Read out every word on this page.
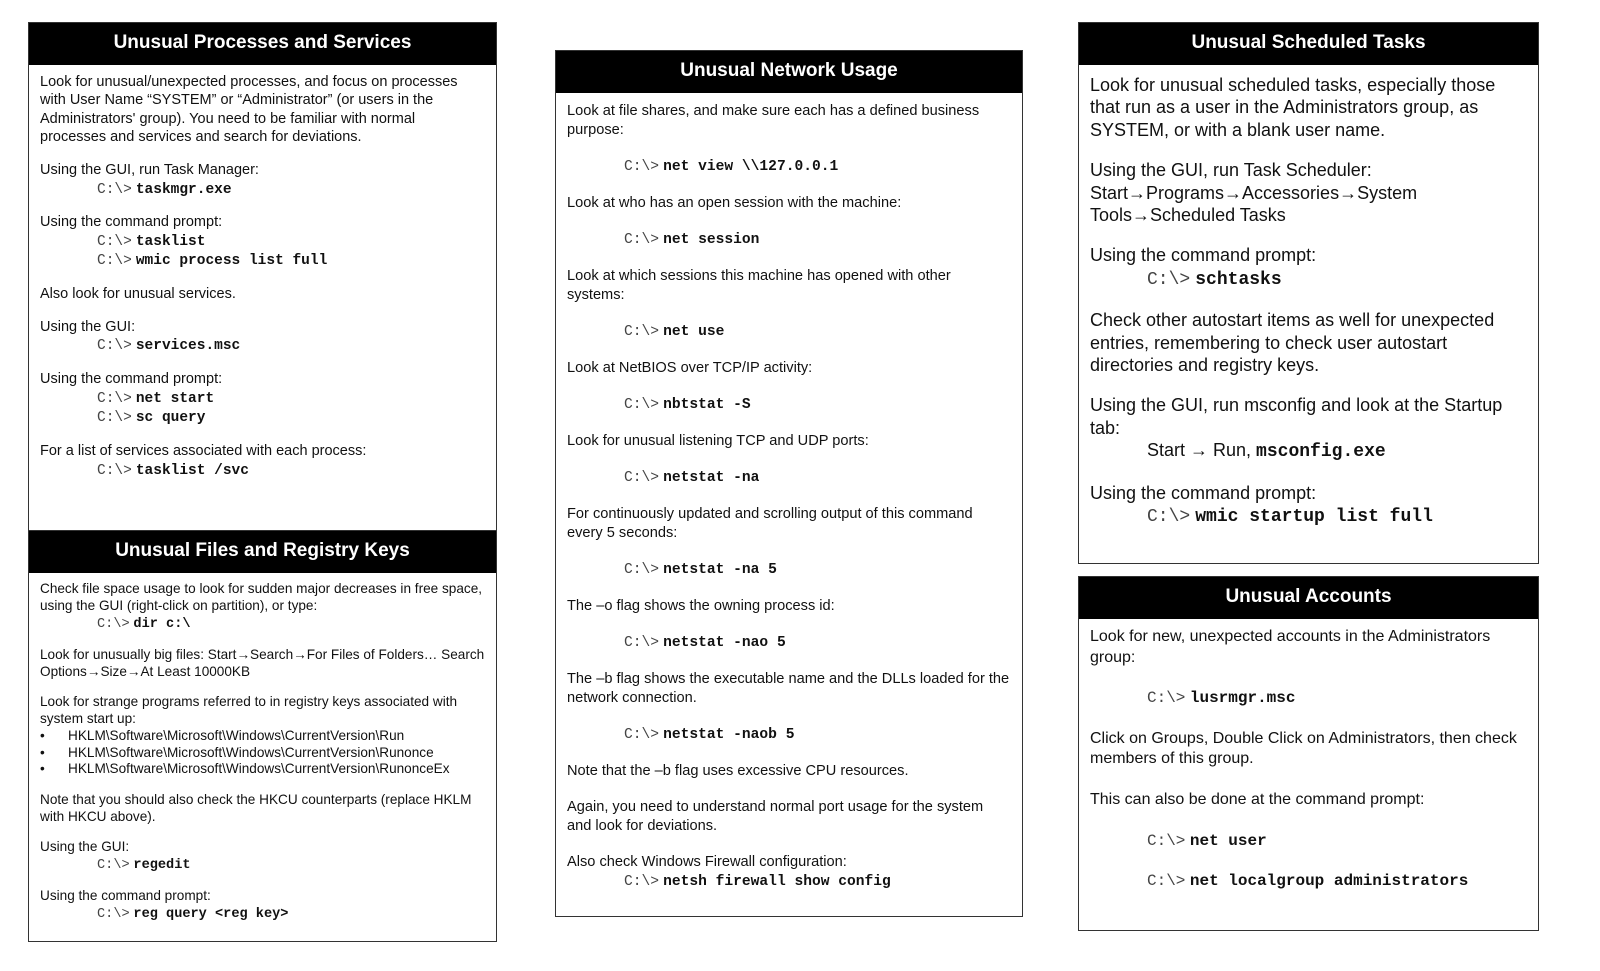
Unusual Processes and Services
Look for unusual/unexpected processes, and focus on processes with User Name “SYSTEM” or “Administrator” (or users in the Administrators' group). You need to be familiar with normal processes and services and search for deviations.
Using the GUI, run Task Manager:
C:\> taskmgr.exe
Using the command prompt:
C:\> tasklist
C:\> wmic process list full
Also look for unusual services.
Using the GUI:
C:\> services.msc
Using the command prompt:
C:\> net start
C:\> sc query
For a list of services associated with each process:
C:\> tasklist /svc
Unusual Files and Registry Keys
Check file space usage to look for sudden major decreases in free space, using the GUI (right-click on partition), or type:
C:\> dir c:\
Look for unusually big files: Start→Search→For Files of Folders… Search Options→Size→At Least 10000KB
Look for strange programs referred to in registry keys associated with system start up:
• HKLM\Software\Microsoft\Windows\CurrentVersion\Run
• HKLM\Software\Microsoft\Windows\CurrentVersion\Runonce
• HKLM\Software\Microsoft\Windows\CurrentVersion\RunonceEx
Note that you should also check the HKCU counterparts (replace HKLM with HKCU above).
Using the GUI:
C:\> regedit
Using the command prompt:
C:\> reg query <reg key>
Unusual Network Usage
Look at file shares, and make sure each has a defined business purpose:
C:\> net view \\127.0.0.1
Look at who has an open session with the machine:
C:\> net session
Look at which sessions this machine has opened with other systems:
C:\> net use
Look at NetBIOS over TCP/IP activity:
C:\> nbtstat -S
Look for unusual listening TCP and UDP ports:
C:\> netstat -na
For continuously updated and scrolling output of this command every 5 seconds:
C:\> netstat -na 5
The –o flag shows the owning process id:
C:\> netstat -nao 5
The –b flag shows the executable name and the DLLs loaded for the network connection.
C:\> netstat -naob 5
Note that the –b flag uses excessive CPU resources.
Again, you need to understand normal port usage for the system and look for deviations.
Also check Windows Firewall configuration:
C:\> netsh firewall show config
Unusual Scheduled Tasks
Look for unusual scheduled tasks, especially those that run as a user in the Administrators group, as SYSTEM, or with a blank user name.
Using the GUI, run Task Scheduler:
Start→Programs→Accessories→System Tools→Scheduled Tasks
Using the command prompt:
C:\> schtasks
Check other autostart items as well for unexpected entries, remembering to check user autostart directories and registry keys.
Using the GUI, run msconfig and look at the Startup tab:
Start → Run, msconfig.exe
Using the command prompt:
C:\> wmic startup list full
Unusual Accounts
Look for new, unexpected accounts in the Administrators group:
C:\> lusrmgr.msc
Click on Groups, Double Click on Administrators, then check members of this group.
This can also be done at the command prompt:
C:\> net user
C:\> net localgroup administrators
